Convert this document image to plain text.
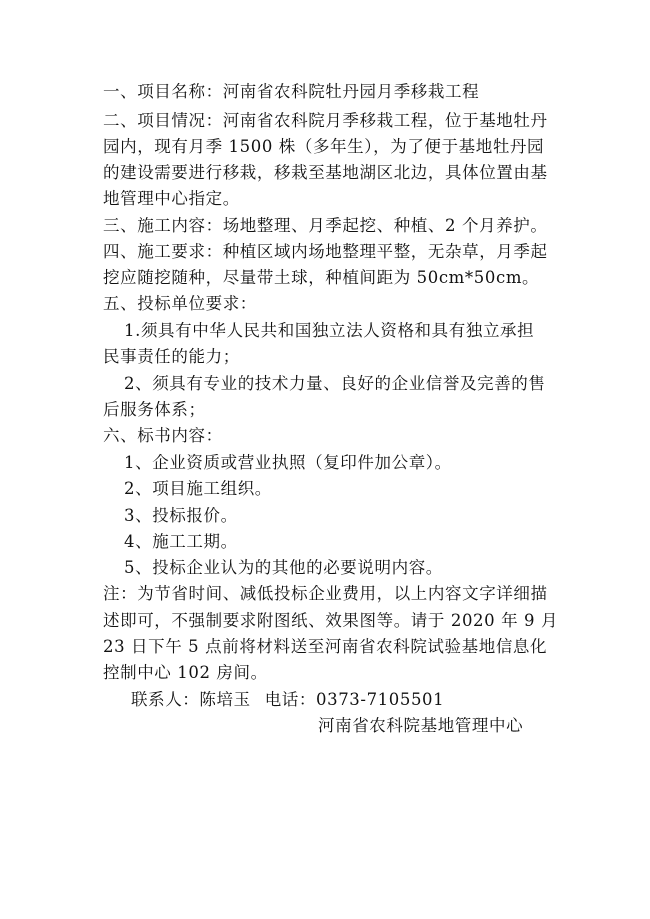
一、项目名称：河南省农科院牡丹园月季移栽工程
二、项目情况：河南省农科院月季移栽工程，位于基地牡丹
园内，现有月季 1500 株（多年生），为了便于基地牡丹园
的建设需要进行移栽，移栽至基地湖区北边，具体位置由基
地管理中心指定。
三、施工内容：场地整理、月季起挖、种植、2 个月养护。
四、施工要求：种植区域内场地整理平整，无杂草，月季起
挖应随挖随种，尽量带土球，种植间距为 50cm*50cm。
五、投标单位要求：
1.须具有中华人民共和国独立法人资格和具有独立承担
民事责任的能力；
2、须具有专业的技术力量、良好的企业信誉及完善的售
后服务体系；
六、标书内容：
1、企业资质或营业执照（复印件加公章）。
2、项目施工组织。
3、投标报价。
4、施工工期。
5、投标企业认为的其他的必要说明内容。
注：为节省时间、减低投标企业费用，以上内容文字详细描
述即可，不强制要求附图纸、效果图等。请于 2020 年 9 月
23 日下午 5 点前将材料送至河南省农科院试验基地信息化
控制中心 102 房间。
联系人：陈培玉 电话：0373-7105501
河南省农科院基地管理中心
